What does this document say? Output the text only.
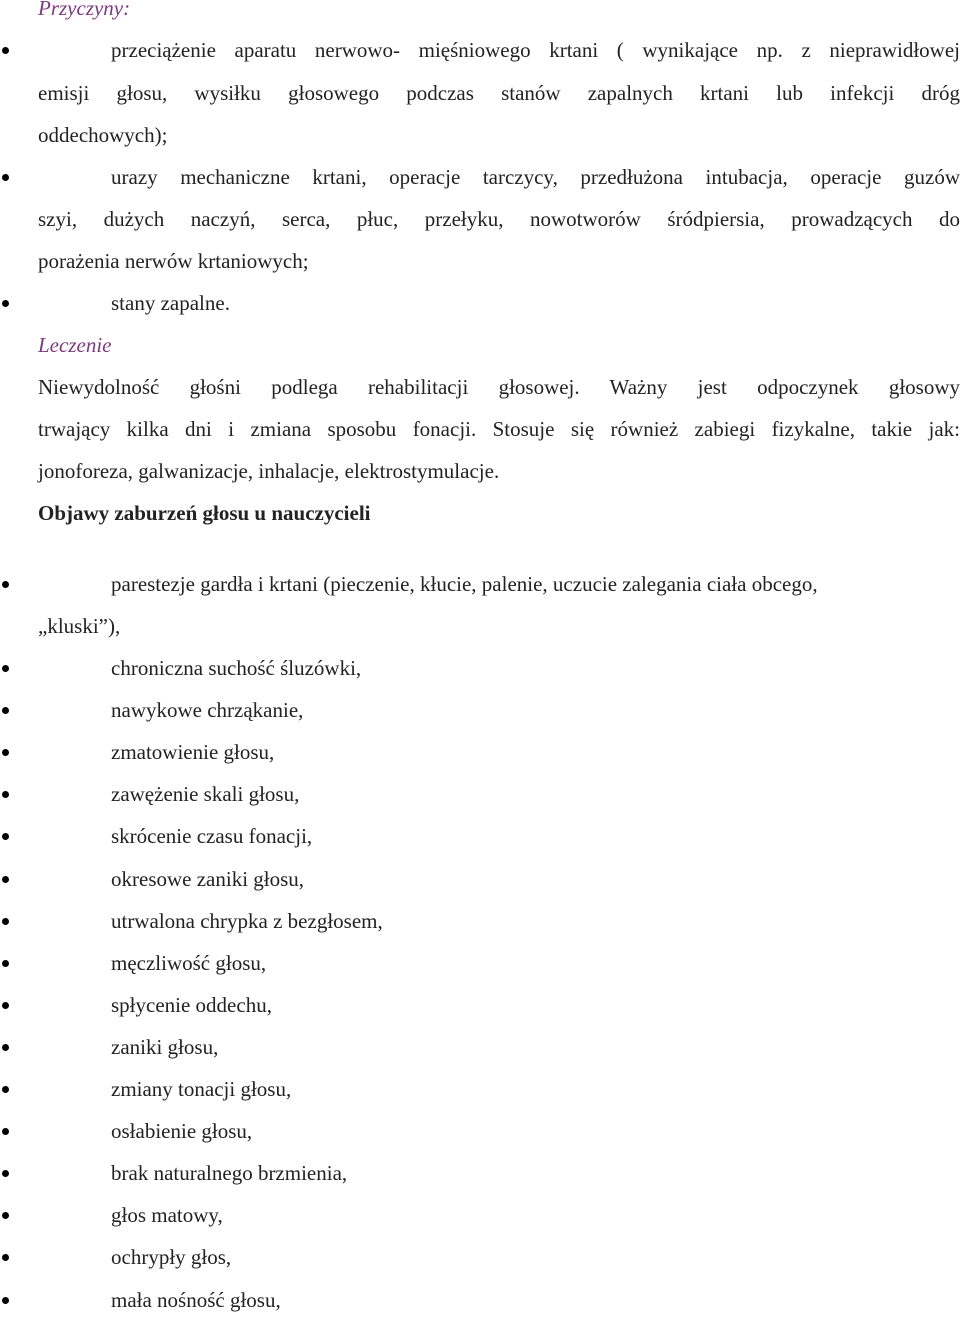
Przyczyny:
przeciążenie aparatu nerwowo- mięśniowego krtani ( wynikające np. z nieprawidłowej
emisji głosu, wysiłku głosowego podczas stanów zapalnych krtani lub infekcji dróg
oddechowych);
urazy mechaniczne krtani, operacje tarczycy, przedłużona intubacja, operacje guzów
szyi, dużych naczyń, serca, płuc, przełyku, nowotworów śródpiersia, prowadzących do
porażenia nerwów krtaniowych;
stany zapalne.
Leczenie
Niewydolność głośni podlega rehabilitacji głosowej. Ważny jest odpoczynek głosowy
trwający kilka dni i zmiana sposobu fonacji. Stosuje się również zabiegi fizykalne, takie jak:
jonoforeza, galwanizacje, inhalacje, elektrostymulacje.
Objawy zaburzeń głosu u nauczycieli
parestezje gardła i krtani (pieczenie, kłucie, palenie, uczucie zalegania ciała obcego,
„kluski”),
chroniczna suchość śluzówki,
nawykowe chrząkanie,
zmatowienie głosu,
zawężenie skali głosu,
skrócenie czasu fonacji,
okresowe zaniki głosu,
utrwalona chrypka z bezgłosem,
męczliwość głosu,
spłycenie oddechu,
zaniki głosu,
zmiany tonacji głosu,
osłabienie głosu,
brak naturalnego brzmienia,
głos matowy,
ochrypły głos,
mała nośność głosu,
